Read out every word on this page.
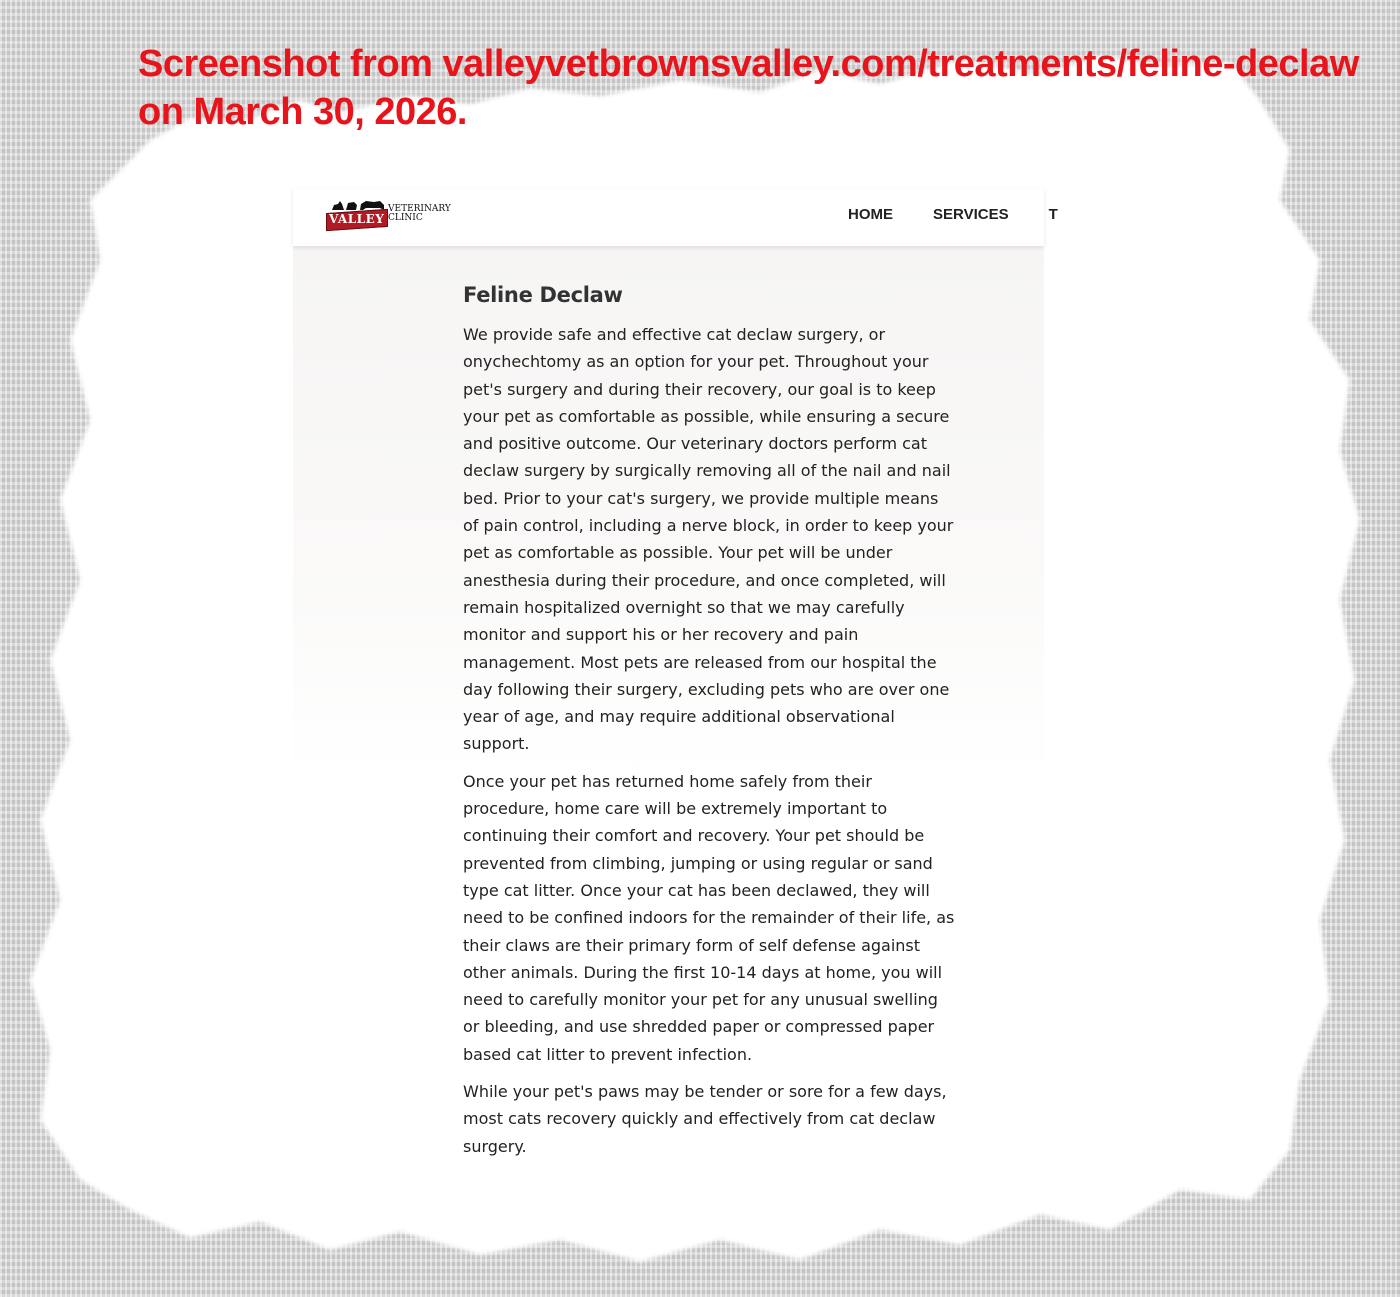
Screenshot from valleyvetbrownsvalley.com/treatments/feline-declaw
on March 30, 2026.
VALLEY
VETERINARY
CLINIC	HOME	SERVICES	T
Feline Declaw

We provide safe and effective cat declaw surgery, or onychechtomy as an option for your pet. Throughout your pet's surgery and during their recovery, our goal is to keep your pet as comfortable as possible, while ensuring a secure and positive outcome. Our veterinary doctors perform cat declaw surgery by surgically removing all of the nail and nail bed. Prior to your cat's surgery, we provide multiple means of pain control, including a nerve block, in order to keep your pet as comfortable as possible. Your pet will be under anesthesia during their procedure, and once completed, will remain hospitalized overnight so that we may carefully monitor and support his or her recovery and pain management. Most pets are released from our hospital the day following their surgery, excluding pets who are over one year of age, and may require additional observational support.

Once your pet has returned home safely from their procedure, home care will be extremely important to continuing their comfort and recovery. Your pet should be prevented from climbing, jumping or using regular or sand type cat litter. Once your cat has been declawed, they will need to be confined indoors for the remainder of their life, as their claws are their primary form of self defense against other animals. During the first 10-14 days at home, you will need to carefully monitor your pet for any unusual swelling or bleeding, and use shredded paper or compressed paper based cat litter to prevent infection.

While your pet's paws may be tender or sore for a few days, most cats recovery quickly and effectively from cat declaw surgery.
